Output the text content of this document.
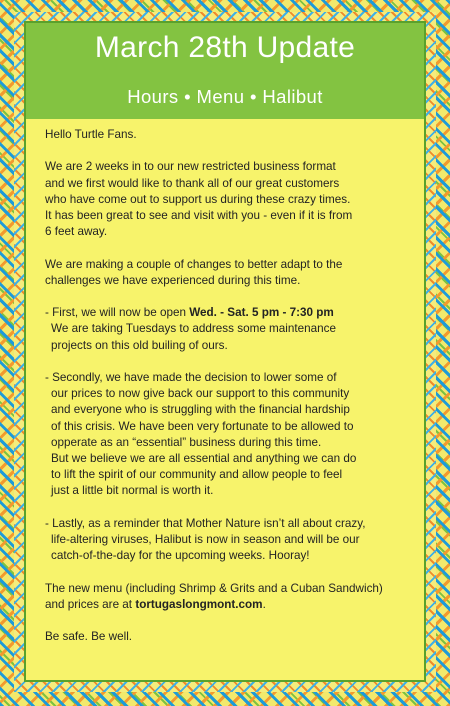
March 28th Update
Hours • Menu • Halibut

Hello Turtle Fans.

We are 2 weeks in to our new restricted business format
and we first would like to thank all of our great customers
who have come out to support us during these crazy times.
It has been great to see and visit with you - even if it is from
6 feet away.

We are making a couple of changes to better adapt to the
challenges we have experienced during this time.

- First, we will now be open Wed. - Sat. 5 pm - 7:30 pm
We are taking Tuesdays to address some maintenance
projects on this old builing of ours.

- Secondly, we have made the decision to lower some of
our prices to now give back our support to this community
and everyone who is struggling with the financial hardship
of this crisis. We have been very fortunate to be allowed to
opperate as an “essential” business during this time.
But we believe we are all essential and anything we can do
to lift the spirit of our community and allow people to feel
just a little bit normal is worth it.

- Lastly, as a reminder that Mother Nature isn’t all about crazy,
life-altering viruses, Halibut is now in season and will be our
catch-of-the-day for the upcoming weeks. Hooray!

The new menu (including Shrimp & Grits and a Cuban Sandwich)
and prices are at tortugaslongmont.com.

Be safe. Be well.
